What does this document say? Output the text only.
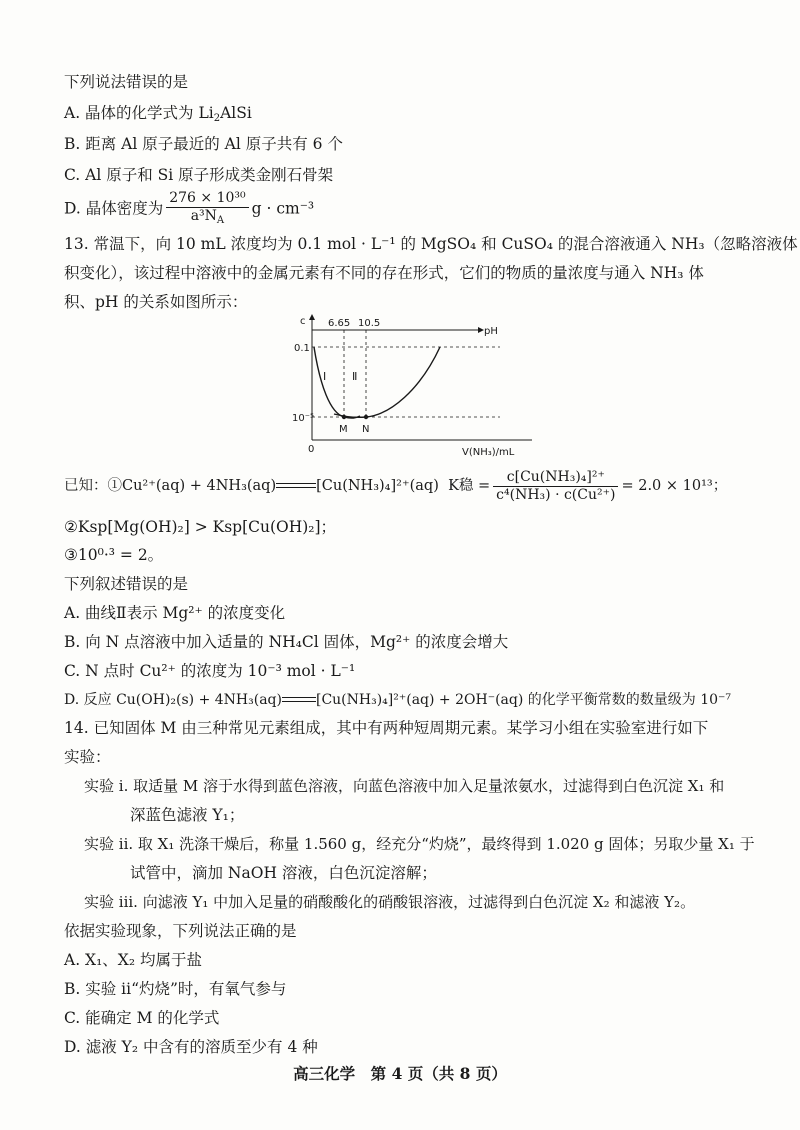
下列说法错误的是
A. 晶体的化学式为 $Li_2AlSi$
B. 距离 Al 原子最近的 Al 原子共有 6 个
C. Al 原子和 Si 原子形成类金刚石骨架
D. 晶体密度为 $\frac{\text{276 × 10³⁰}}{a^3N_A}$ g · cm⁻³
13. 常温下，向 10 mL 浓度均为 0.1 mol · L⁻¹ 的 MgSO₄ 和 CuSO₄ 的混合溶液通入 NH₃（忽略溶液体
积变化），该过程中溶液中的金属元素有不同的存在形式，它们的物质的量浓度与通入 NH₃ 体
积、pH 的关系如图所示：
c 6.65 10.5
pH
0.1
10⁻⁵
0
M N
Ⅰ Ⅱ
V(NH₃)/mL
已知：①Cu²⁺(aq) + 4NH₃(aq)	[Cu(NH₃)₄]²⁺(aq) K稳 = $\frac{\text{c[Cu(NH₃)₄]²⁺}}{\text{c⁴(NH₃) · c(Cu²⁺)}} = 2.0 \times 10^{13}$；
②Ksp[Mg(OH)₂] > Ksp[Cu(OH)₂]；
③10⁰·³ = 2。
下列叙述错误的是
A. 曲线Ⅱ表示 Mg²⁺ 的浓度变化
B. 向 N 点溶液中加入适量的 NH₄Cl 固体，Mg²⁺ 的浓度会增大
C. N 点时 Cu²⁺ 的浓度为 10⁻³ mol · L⁻¹
D. 反应 Cu(OH)₂(s) + 4NH₃(aq) [Cu(NH₃)₄]²⁺(aq) + 2OH⁻(aq) 的化学平衡常数的数量级为 10⁻⁷
14. 已知固体 M 由三种常见元素组成，其中有两种短周期元素。某学习小组在实验室进行如下
实验：
实验 i. 取适量 M 溶于水得到蓝色溶液，向蓝色溶液中加入足量浓氨水，过滤得到白色沉淀 X₁ 和
深蓝色滤液 Y₁；
实验 ii. 取 X₁ 洗涤干燥后，称量 1.560 g，经充分“灼烧”，最终得到 1.020 g 固体；另取少量 X₁ 于
试管中，滴加 NaOH 溶液，白色沉淀溶解；
实验 iii. 向滤液 Y₁ 中加入足量的硝酸酸化的硝酸银溶液，过滤得到白色沉淀 X₂ 和滤液 Y₂。
依据实验现象，下列说法正确的是
A. X₁、X₂ 均属于盐
B. 实验 ii“灼烧”时，有氧气参与
C. 能确定 M 的化学式
D. 滤液 Y₂ 中含有的溶质至少有 4 种
高三化学　第 4 页（共 8 页）
